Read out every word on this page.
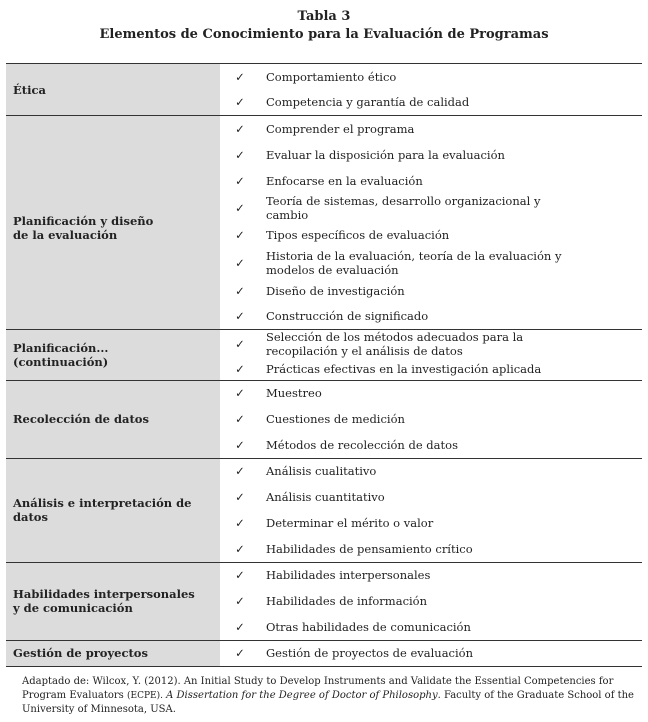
Tabla 3
Elementos de Conocimiento para la Evaluación de Programas
Ética	✓	Comportamiento ético
	✓	Competencia y garantía de calidad

Planificación y diseño
de la evaluación	✓	Comprender el programa
	✓	Evaluar la disposición para la evaluación
	✓	Enfocarse en la evaluación
	✓	Teoría de sistemas, desarrollo organizacional y cambio
	✓	Tipos específicos de evaluación
	✓	Historia de la evaluación, teoría de la evaluación y modelos de evaluación
	✓	Diseño de investigación
	✓	Construcción de significado

Planificación...
(continuación)	✓	Selección de los métodos adecuados para la recopilación y el análisis de datos
	✓	Prácticas efectivas en la investigación aplicada

Recolección de datos	✓	Muestreo
	✓	Cuestiones de medición
	✓	Métodos de recolección de datos

Análisis e interpretación de datos	✓	Análisis cualitativo
	✓	Análisis cuantitativo
	✓	Determinar el mérito o valor
	✓	Habilidades de pensamiento crítico

Habilidades interpersonales
y de comunicación	✓	Habilidades interpersonales
	✓	Habilidades de información
	✓	Otras habilidades de comunicación

Gestión de proyectos	✓	Gestión de proyectos de evaluación
Adaptado de: Wilcox, Y. (2012). An Initial Study to Develop Instruments and Validate the Essential Competencies for Program Evaluators (ECPE). A Dissertation for the Degree of Doctor of Philosophy. Faculty of the Graduate School of the University of Minnesota, USA.
